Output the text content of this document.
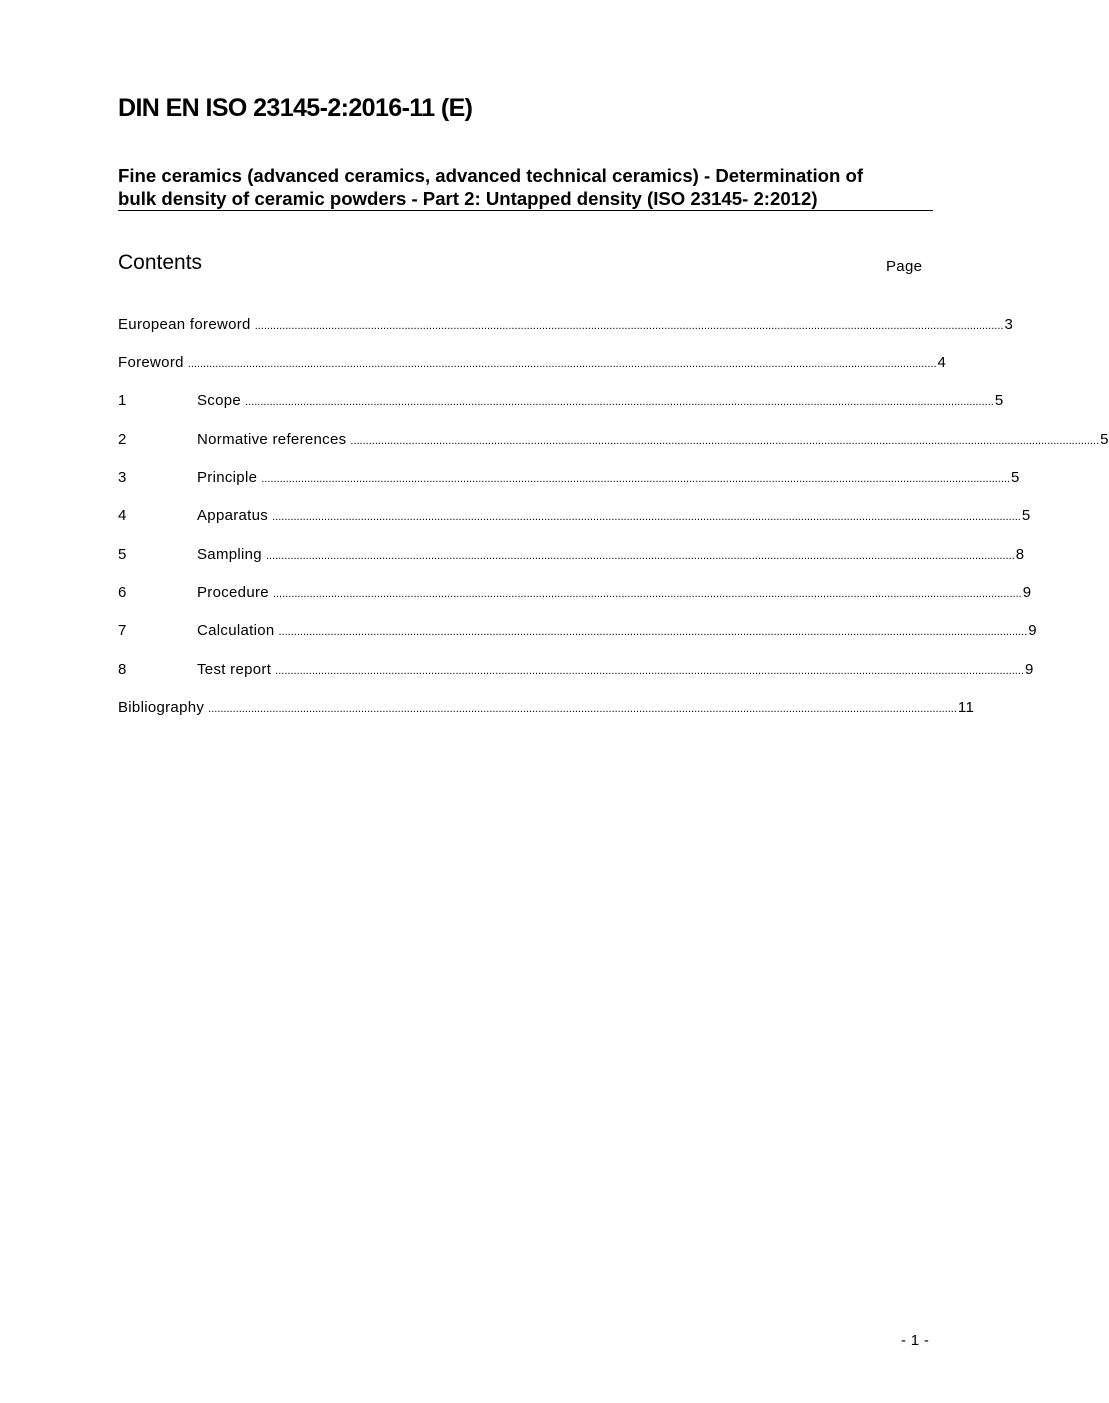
DIN EN ISO 23145-2:2016-11 (E)
Fine ceramics (advanced ceramics, advanced technical ceramics) - Determination of
bulk density of ceramic powders - Part 2: Untapped density (ISO 23145- 2:2012)
Contents	Page
European foreword ..................................................................................................................................................................................................................................................... 3
Foreword ..................................................................................................................................................................................................................................................... 4
1	Scope ..................................................................................................................................................................................................................................................... 5
2	Normative references ..................................................................................................................................................................................................................................................... 5
3	Principle ..................................................................................................................................................................................................................................................... 5
4	Apparatus ..................................................................................................................................................................................................................................................... 5
5	Sampling ..................................................................................................................................................................................................................................................... 8
6	Procedure ..................................................................................................................................................................................................................................................... 9
7	Calculation ..................................................................................................................................................................................................................................................... 9
8	Test report ..................................................................................................................................................................................................................................................... 9
Bibliography ..................................................................................................................................................................................................................................................... 11
- 1 -
